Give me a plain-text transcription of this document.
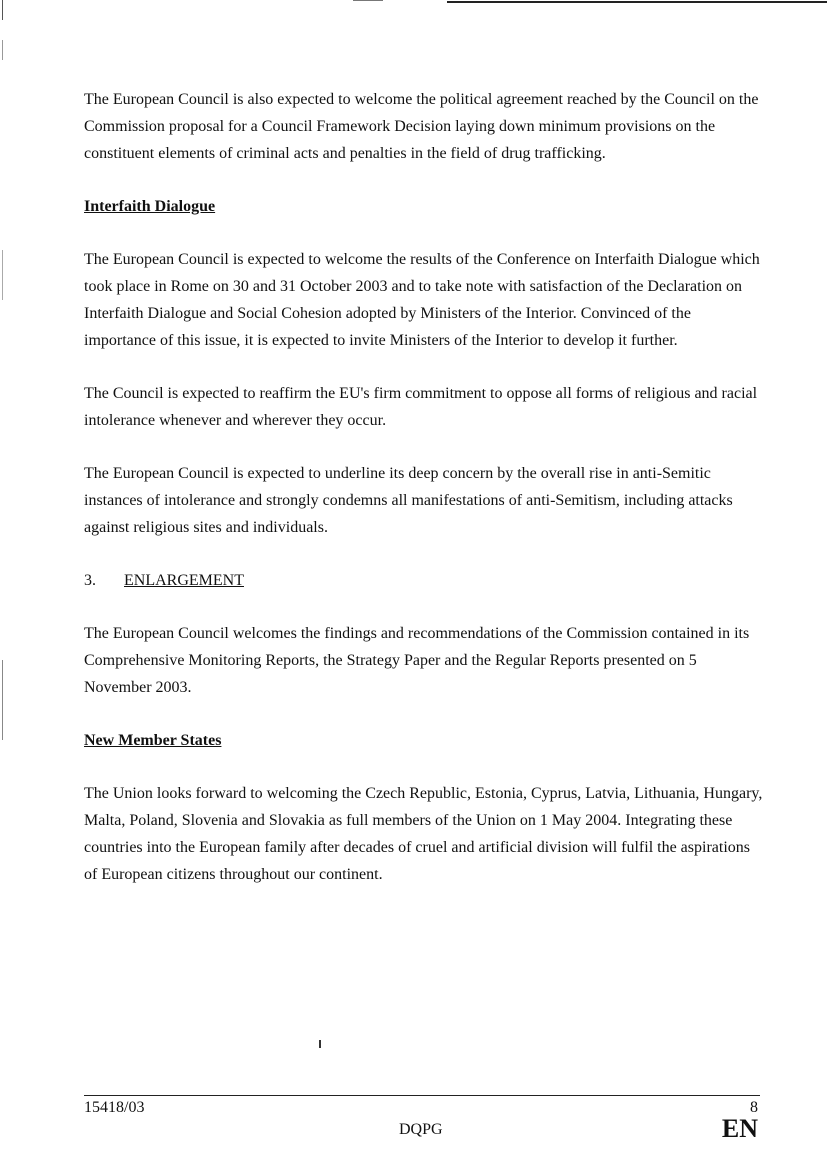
The European Council is also expected to welcome the political agreement reached by the Council on the Commission proposal for a Council Framework Decision laying down minimum provisions on the constituent elements of criminal acts and penalties in the field of drug trafficking.

Interfaith Dialogue

The European Council is expected to welcome the results of the Conference on Interfaith Dialogue which took place in Rome on 30 and 31 October 2003 and to take note with satisfaction of the Declaration on Interfaith Dialogue and Social Cohesion adopted by Ministers of the Interior. Convinced of the importance of this issue, it is expected to invite Ministers of the Interior to develop it further.

The Council is expected to reaffirm the EU's firm commitment to oppose all forms of religious and racial intolerance whenever and wherever they occur.

The European Council is expected to underline its deep concern by the overall rise in anti-Semitic instances of intolerance and strongly condemns all manifestations of anti-Semitism, including attacks against religious sites and individuals.

3. ENLARGEMENT

The European Council welcomes the findings and recommendations of the Commission contained in its Comprehensive Monitoring Reports, the Strategy Paper and the Regular Reports presented on 5 November 2003.

New Member States

The Union looks forward to welcoming the Czech Republic, Estonia, Cyprus, Latvia, Lithuania, Hungary, Malta, Poland, Slovenia and Slovakia as full members of the Union on 1 May 2004. Integrating these countries into the European family after decades of cruel and artificial division will fulfil the aspirations of European citizens throughout our continent.

15418/03
DQPG
8
EN
